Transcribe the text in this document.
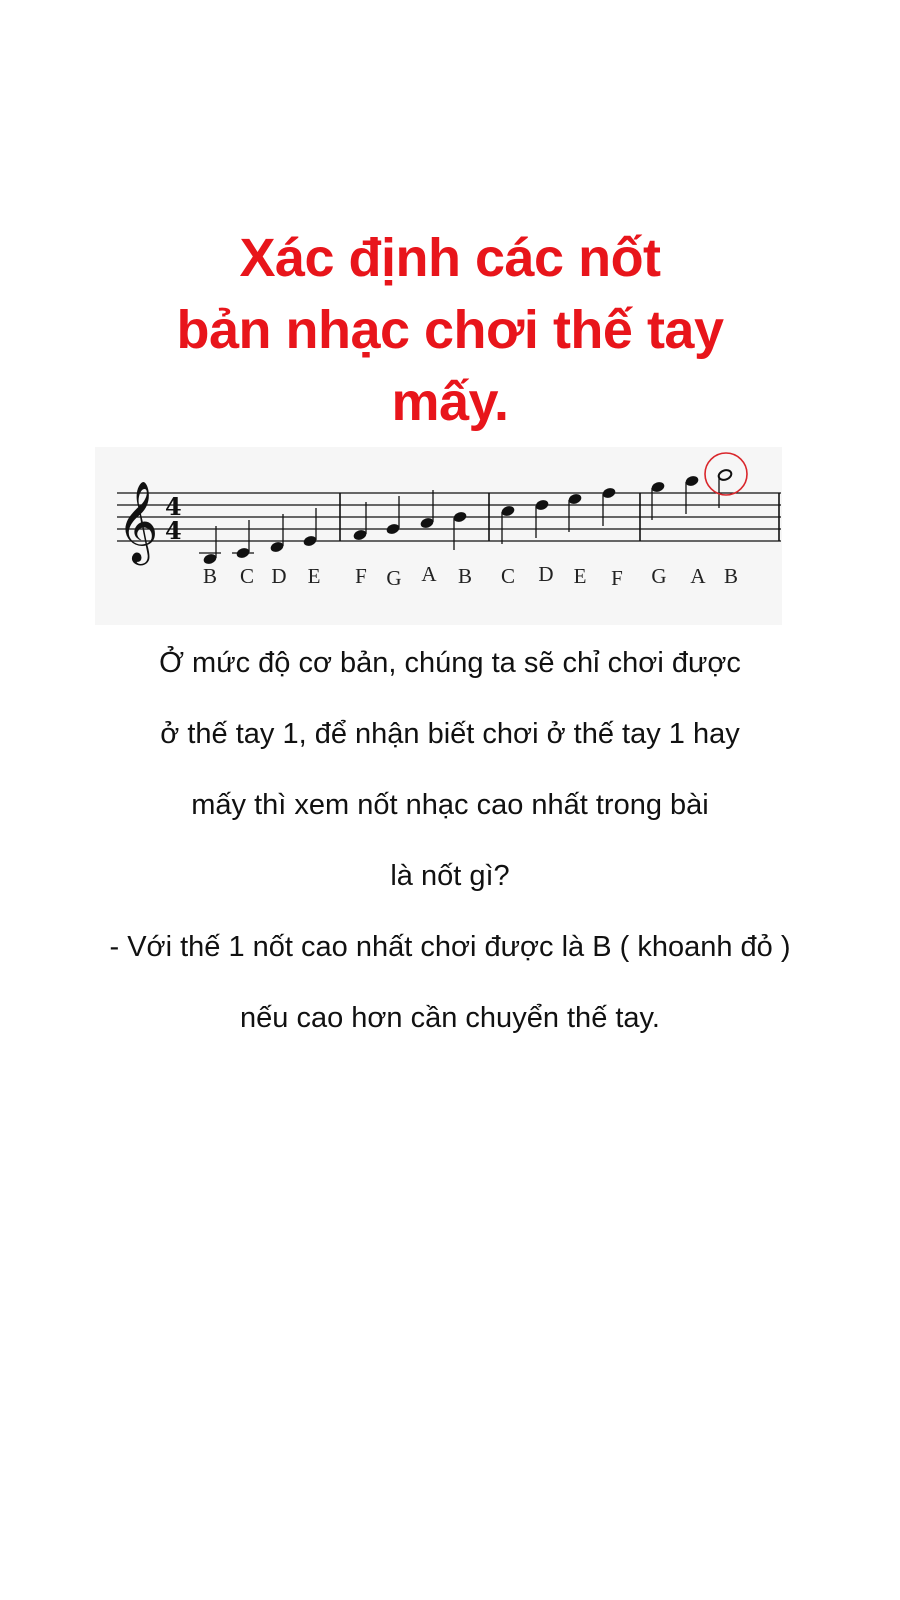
Xác định các nốt
bản nhạc chơi thế tay
mấy.
𝄞 4
4
B C D E F G A B C D E F G A B
Ở mức độ cơ bản, chúng ta sẽ chỉ chơi được
ở thế tay 1, để nhận biết chơi ở thế tay 1 hay
mấy thì xem nốt nhạc cao nhất trong bài
là nốt gì?
- Với thế 1 nốt cao nhất chơi được là B ( khoanh đỏ )
nếu cao hơn cần chuyển thế tay.
